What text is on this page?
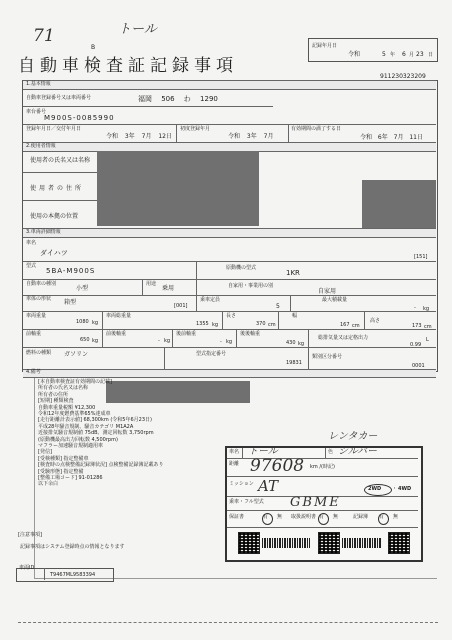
71	トール
B
自動車検査証記録事項
記録年月日
令和	5 年 6 月 23 日
911230323209
1.基本情報
自動車登録番号又は車両番号	福岡 506 わ 1290
車台番号
M900S-0085990
登録年月日／交付年月日
令和 3年 7月 12日
初度登録年月
令和 3年 7月
有効期間の満了する日
令和 6年 7月 11日
2.使用者情報
使用者の氏名又は名称
使用者の住所
使用の本拠の位置
3.車両詳細情報
車名
ダイハツ	[151]
型式
5BA-M900S	原動機の型式
1KR
自動車の種別
小型
用途
乗用	自家用・事業用の別
自家用
車体の形状 箱型	[001]
乗車定員
5
最大積載量
- kg
車両重量
1080 kg
車両総重量
1355 kg
長さ
370 cm
幅
167 cm
高さ
173 cm
前軸重
650 kg
前後軸重
- kg
後前軸重
- kg
後後軸重
430 kg
総排気量又は定格出力
0.99
L
燃料の種類 ガソリン	型式指定番号
19831
類別区分番号
0001
4.備考
[本自動車検査証有効期間の記載]
所有者の氏名又は名称
所有者の住所
[短期] 種類検査
自動車重量税額 ¥12,300
令和12年度燃費基準65%達成車
[走行距離計表示値] 68,300km (令和5年6月23日)
平成28年騒音規制、騒音カテゴリ M1A2A
近接排気騒音規制値 75dB、測定回転数 3,750rpm
(原動機最高出力回転数 4,500rpm)
マフラー加速騒音規制適用車
[発信]
[受検種類] 指定整備車
[検査時の点検整備記録簿状況] 点検整備記録簿記載あり
[受験形態] 指定整備
[整備工場コード] 91-01286
以下余白
レンタカー
車名 トール	色 シルバー
距離 97608 km /(時記)
ミッション AT	2WD ・ 4WD
乗車・フル型式 GBME
保証書	有 無 取扱説明書 有 無	記録簿 有 無
[注意事項]
記録事項はシステム登録時点の情報となります
車両ID
T9467ML9583394
